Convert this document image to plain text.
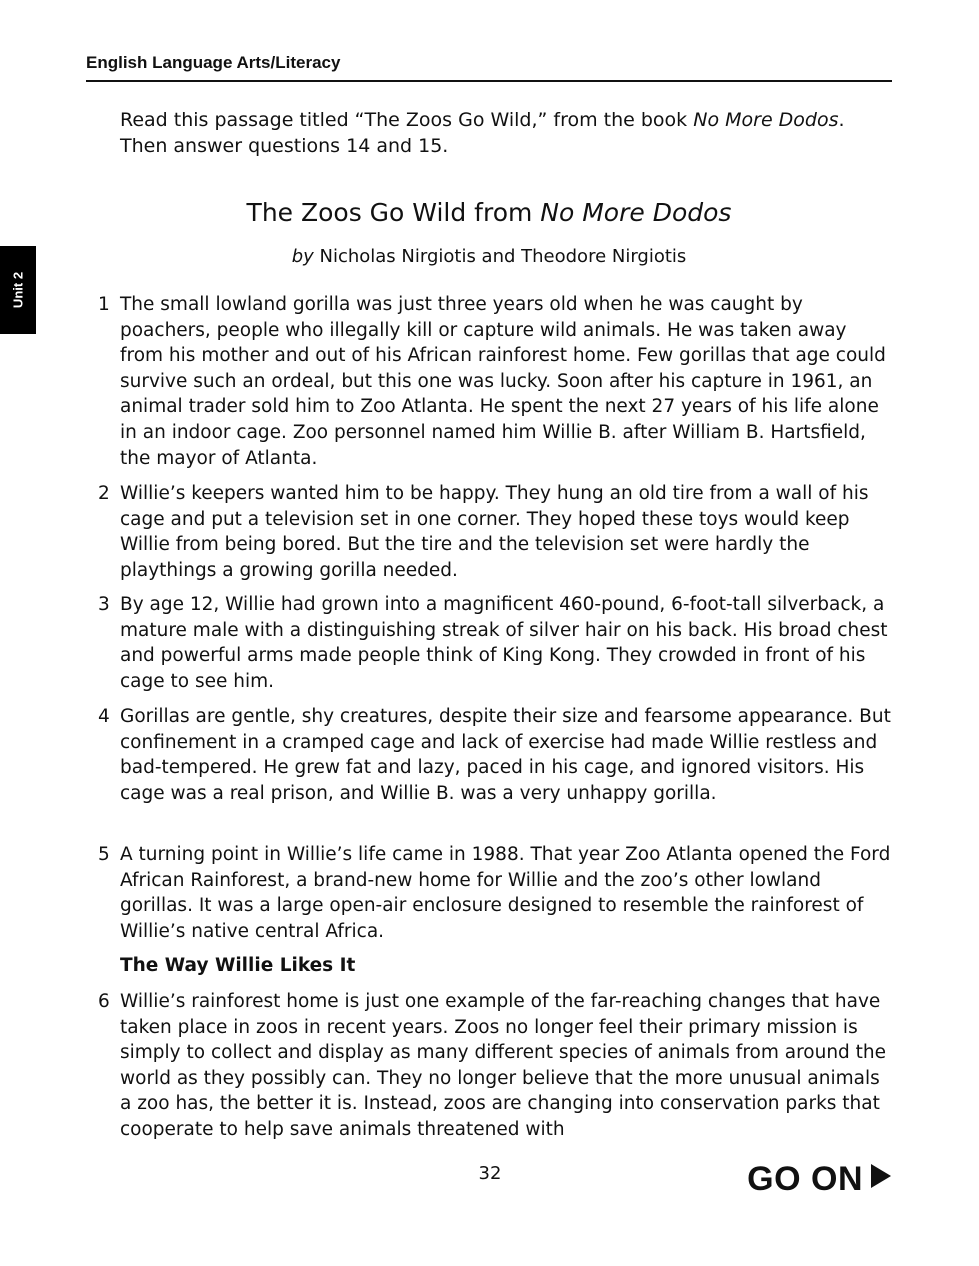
English Language Arts/Literacy
Unit 2
Read this passage titled “The Zoos Go Wild,” from the book No More Dodos. Then answer questions 14 and 15.
The Zoos Go Wild from No More Dodos
by Nicholas Nirgiotis and Theodore Nirgiotis
1 The small lowland gorilla was just three years old when he was caught by poachers, people who illegally kill or capture wild animals. He was taken away from his mother and out of his African rainforest home. Few gorillas that age could survive such an ordeal, but this one was lucky. Soon after his capture in 1961, an animal trader sold him to Zoo Atlanta. He spent the next 27 years of his life alone in an indoor cage. Zoo personnel named him Willie B. after William B. Hartsfield, the mayor of Atlanta.
2 Willie’s keepers wanted him to be happy. They hung an old tire from a wall of his cage and put a television set in one corner. They hoped these toys would keep Willie from being bored. But the tire and the television set were hardly the playthings a growing gorilla needed.
3 By age 12, Willie had grown into a magnificent 460-pound, 6-foot-tall silverback, a mature male with a distinguishing streak of silver hair on his back. His broad chest and powerful arms made people think of King Kong. They crowded in front of his cage to see him.
4 Gorillas are gentle, shy creatures, despite their size and fearsome appearance. But confinement in a cramped cage and lack of exercise had made Willie restless and bad-tempered. He grew fat and lazy, paced in his cage, and ignored visitors. His cage was a real prison, and Willie B. was a very unhappy gorilla.
5 A turning point in Willie’s life came in 1988. That year Zoo Atlanta opened the Ford African Rainforest, a brand-new home for Willie and the zoo’s other lowland gorillas. It was a large open-air enclosure designed to resemble the rainforest of Willie’s native central Africa.
The Way Willie Likes It
6 Willie’s rainforest home is just one example of the far-reaching changes that have taken place in zoos in recent years. Zoos no longer feel their primary mission is simply to collect and display as many different species of animals from around the world as they possibly can. They no longer believe that the more unusual animals a zoo has, the better it is. Instead, zoos are changing into conservation parks that cooperate to help save animals threatened with
32	GO ON
